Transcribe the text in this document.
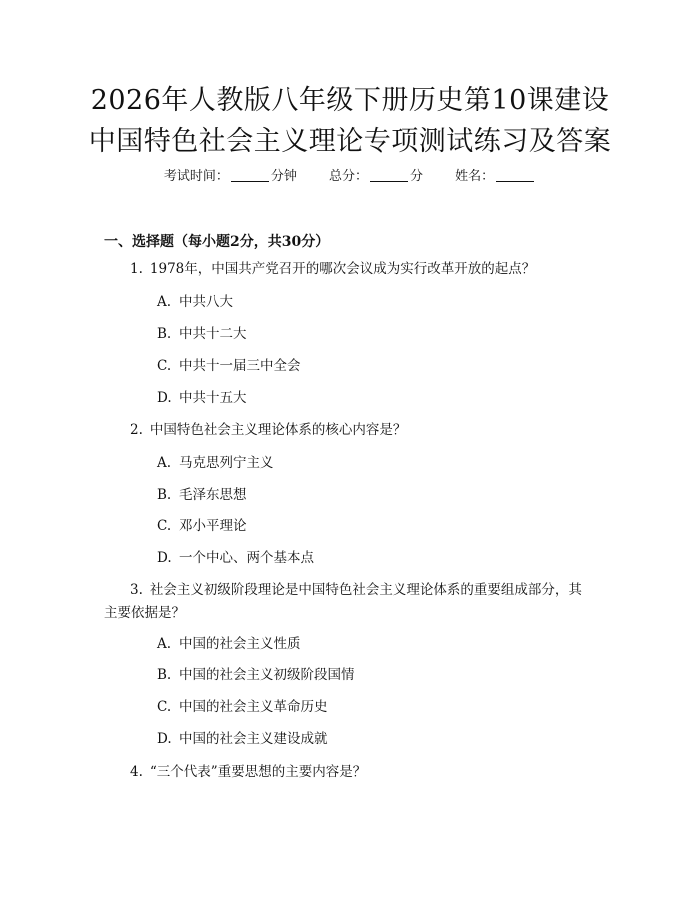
2026年人教版八年级下册历史第10课建设
中国特色社会主义理论专项测试练习及答案
考试时间：	分钟 总分：	分 姓名：
一、选择题（每小题2分，共30分）
1. 1978年，中国共产党召开的哪次会议成为实行改革开放的起点？
A. 中共八大
B. 中共十二大
C. 中共十一届三中全会
D. 中共十五大
2. 中国特色社会主义理论体系的核心内容是？
A. 马克思列宁主义
B. 毛泽东思想
C. 邓小平理论
D. 一个中心、两个基本点
3. 社会主义初级阶段理论是中国特色社会主义理论体系的重要组成部分，其
主要依据是？
A. 中国的社会主义性质
B. 中国的社会主义初级阶段国情
C. 中国的社会主义革命历史
D. 中国的社会主义建设成就
4. “三个代表”重要思想的主要内容是？
